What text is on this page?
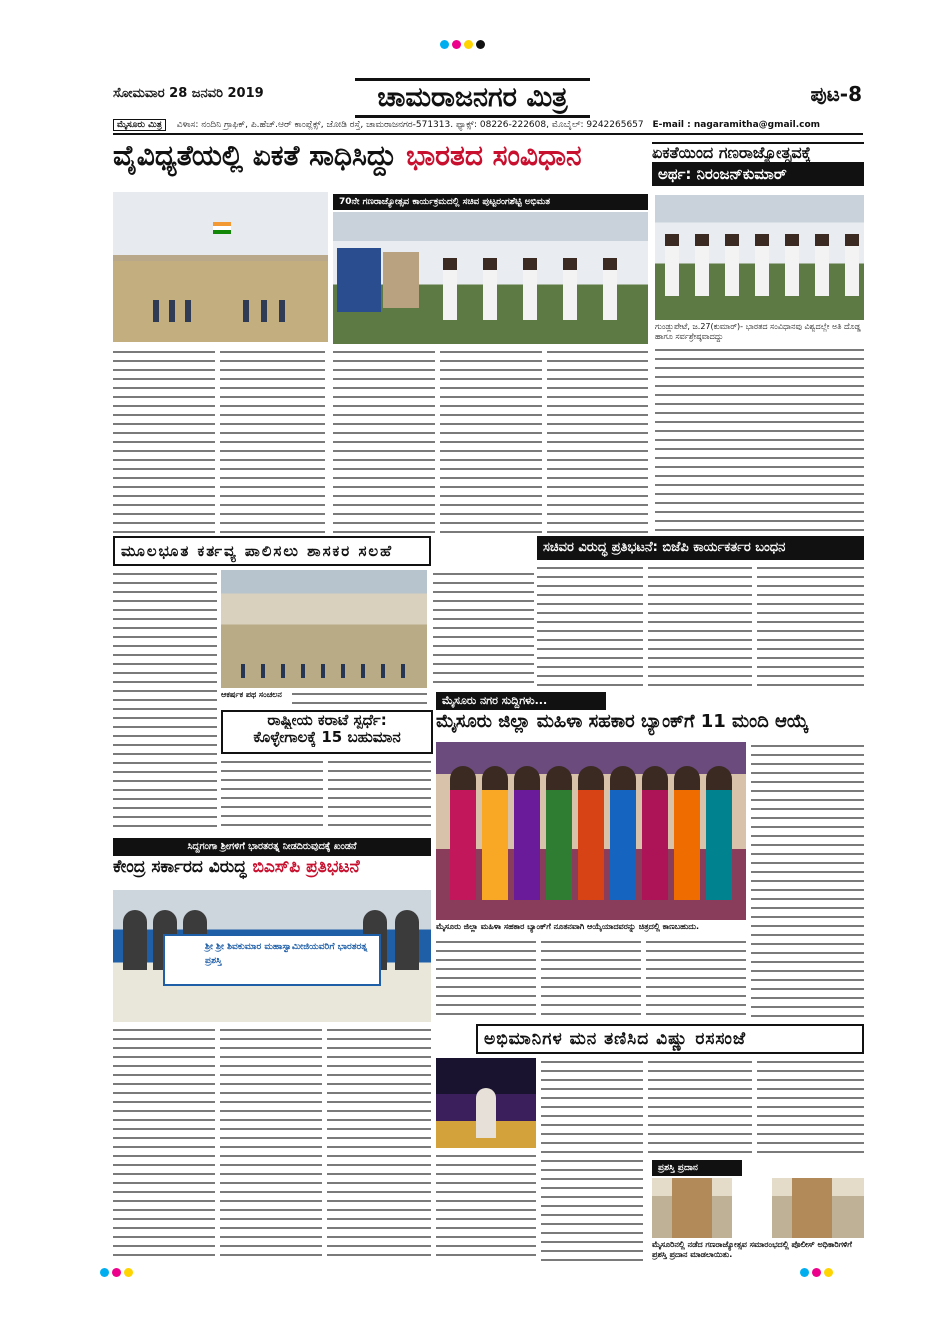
ಸೋಮವಾರ 28 ಜನವರಿ 2019	ಚಾಮರಾಜನಗರ ಮಿತ್ರ	ಪುಟ-8
ಮೈಸೂರು ಮಿತ್ರ ವಿಳಾಸ: ನಂದಿನಿ ಗ್ರಾಫಿಕ್, ಪಿ.ಹೆಚ್.ಆರ್ ಕಾಂಪ್ಲೆಕ್ಸ್, ಜೋಡಿ ರಸ್ತೆ, ಚಾಮರಾಜನಗರ-571313. ಫ್ಯಾಕ್ಸ್: 08226-222608, ಮೊಬೈಲ್: 9242265657 E-mail : nagaramitha@gmail.com
ವೈವಿಧ್ಯತೆಯಲ್ಲಿ ಏಕತೆ ಸಾಧಿಸಿದ್ದು ಭಾರತದ ಸಂವಿಧಾನ	ಏಕತೆಯಿಂದ ಗಣರಾಜ್ಯೋತ್ಸವಕ್ಕೆ
ಅರ್ಥ: ನಿರಂಜನ್‌ಕುಮಾರ್
70ನೇ ಗಣರಾಜ್ಯೋತ್ಸವ ಕಾರ್ಯಕ್ರಮದಲ್ಲಿ ಸಚಿವ ಪುಟ್ಟರಂಗಶೆಟ್ಟಿ ಅಭಿಮತ
ಗುಂಡ್ಲುಪೇಟೆ, ಜ.27(ಕುಮಾರ್)- ಭಾರತದ ಸಂವಿಧಾನವು ವಿಶ್ವದಲ್ಲೇ ಅತಿ ದೊಡ್ಡ ಹಾಗೂ ಸರ್ವಶ್ರೇಷ್ಠವಾದದ್ದು
ಮೂಲಭೂತ ಕರ್ತವ್ಯ ಪಾಲಿಸಲು ಶಾಸಕರ ಸಲಹೆ
ಆಕರ್ಷಕ ಪಥ ಸಂಚಲನ
ಸಚಿವರ ವಿರುದ್ಧ ಪ್ರತಿಭಟನೆ: ಬಿಜೆಪಿ ಕಾರ್ಯಕರ್ತರ ಬಂಧನ
ರಾಷ್ಟ್ರೀಯ ಕರಾಟೆ ಸ್ಪರ್ಧೆ:
ಕೊಳ್ಳೇಗಾಲಕ್ಕೆ 15 ಬಹುಮಾನ
ಮೈಸೂರು ನಗರ ಸುದ್ದಿಗಳು...
ಮೈಸೂರು ಜಿಲ್ಲಾ ಮಹಿಳಾ ಸಹಕಾರ ಬ್ಯಾಂಕ್‌ಗೆ 11 ಮಂದಿ ಆಯ್ಕೆ
ಮೈಸೂರು ಜಿಲ್ಲಾ ಮಹಿಳಾ ಸಹಕಾರ ಬ್ಯಾಂಕ್‌ಗೆ ನೂತನವಾಗಿ ಆಯ್ಕೆಯಾದವರನ್ನು ಚಿತ್ರದಲ್ಲಿ ಕಾಣಬಹುದು.
ಸಿದ್ದಗಂಗಾ ಶ್ರೀಗಳಿಗೆ ಭಾರತರತ್ನ ನೀಡದಿರುವುದಕ್ಕೆ ಖಂಡನೆ
ಕೇಂದ್ರ ಸರ್ಕಾರದ ವಿರುದ್ಧ ಬಿಎಸ್‌ಪಿ ಪ್ರತಿಭಟನೆ
ಶ್ರೀ ಶ್ರೀ ಶಿವಕುಮಾರ ಮಹಾಸ್ವಾಮೀಜಿಯವರಿಗೆ ಭಾರತರತ್ನ ಪ್ರಶಸ್ತಿ
ಅಭಿಮಾನಿಗಳ ಮನ ತಣಿಸಿದ ವಿಷ್ಣು ರಸಸಂಜೆ
ಪ್ರಶಸ್ತಿ ಪ್ರದಾನ
ಮೈಸೂರಿನಲ್ಲಿ ನಡೆದ ಗಣರಾಜ್ಯೋತ್ಸವ ಸಮಾರಂಭದಲ್ಲಿ ಪೊಲೀಸ್ ಅಧಿಕಾರಿಗಳಿಗೆ ಪ್ರಶಸ್ತಿ ಪ್ರದಾನ ಮಾಡಲಾಯಿತು.
